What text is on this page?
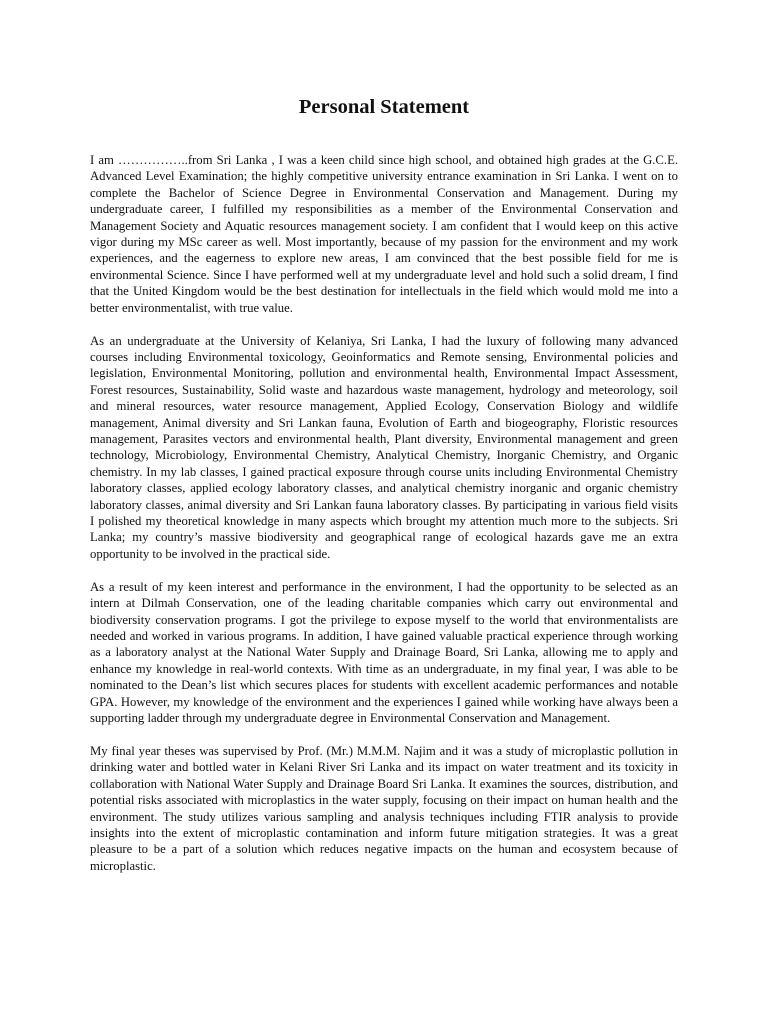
Personal Statement

I am ……………..from Sri Lanka , I was a keen child since high school, and obtained high grades at the G.C.E. Advanced Level Examination; the highly competitive university entrance examination in Sri Lanka. I went on to complete the Bachelor of Science Degree in Environmental Conservation and Management. During my undergraduate career, I fulfilled my responsibilities as a member of the Environmental Conservation and Management Society and Aquatic resources management society. I am confident that I would keep on this active vigor during my MSc career as well. Most importantly, because of my passion for the environment and my work experiences, and the eagerness to explore new areas, I am convinced that the best possible field for me is environmental Science. Since I have performed well at my undergraduate level and hold such a solid dream, I find that the United Kingdom would be the best destination for intellectuals in the field which would mold me into a better environmentalist, with true value.

As an undergraduate at the University of Kelaniya, Sri Lanka, I had the luxury of following many advanced courses including Environmental toxicology, Geoinformatics and Remote sensing, Environmental policies and legislation, Environmental Monitoring, pollution and environmental health, Environmental Impact Assessment, Forest resources, Sustainability, Solid waste and hazardous waste management, hydrology and meteorology, soil and mineral resources, water resource management, Applied Ecology, Conservation Biology and wildlife management, Animal diversity and Sri Lankan fauna, Evolution of Earth and biogeography, Floristic resources management, Parasites vectors and environmental health, Plant diversity, Environmental management and green technology, Microbiology, Environmental Chemistry, Analytical Chemistry, Inorganic Chemistry, and Organic chemistry. In my lab classes, I gained practical exposure through course units including Environmental Chemistry laboratory classes, applied ecology laboratory classes, and analytical chemistry inorganic and organic chemistry laboratory classes, animal diversity and Sri Lankan fauna laboratory classes. By participating in various field visits I polished my theoretical knowledge in many aspects which brought my attention much more to the subjects. Sri Lanka; my country’s massive biodiversity and geographical range of ecological hazards gave me an extra opportunity to be involved in the practical side.

As a result of my keen interest and performance in the environment, I had the opportunity to be selected as an intern at Dilmah Conservation, one of the leading charitable companies which carry out environmental and biodiversity conservation programs. I got the privilege to expose myself to the world that environmentalists are needed and worked in various programs. In addition, I have gained valuable practical experience through working as a laboratory analyst at the National Water Supply and Drainage Board, Sri Lanka, allowing me to apply and enhance my knowledge in real-world contexts. With time as an undergraduate, in my final year, I was able to be nominated to the Dean’s list which secures places for students with excellent academic performances and notable GPA. However, my knowledge of the environment and the experiences I gained while working have always been a supporting ladder through my undergraduate degree in Environmental Conservation and Management.

My final year theses was supervised by Prof. (Mr.) M.M.M. Najim and it was a study of microplastic pollution in drinking water and bottled water in Kelani River Sri Lanka and its impact on water treatment and its toxicity in collaboration with National Water Supply and Drainage Board Sri Lanka. It examines the sources, distribution, and potential risks associated with microplastics in the water supply, focusing on their impact on human health and the environment. The study utilizes various sampling and analysis techniques including FTIR analysis to provide insights into the extent of microplastic contamination and inform future mitigation strategies. It was a great pleasure to be a part of a solution which reduces negative impacts on the human and ecosystem because of microplastic.
